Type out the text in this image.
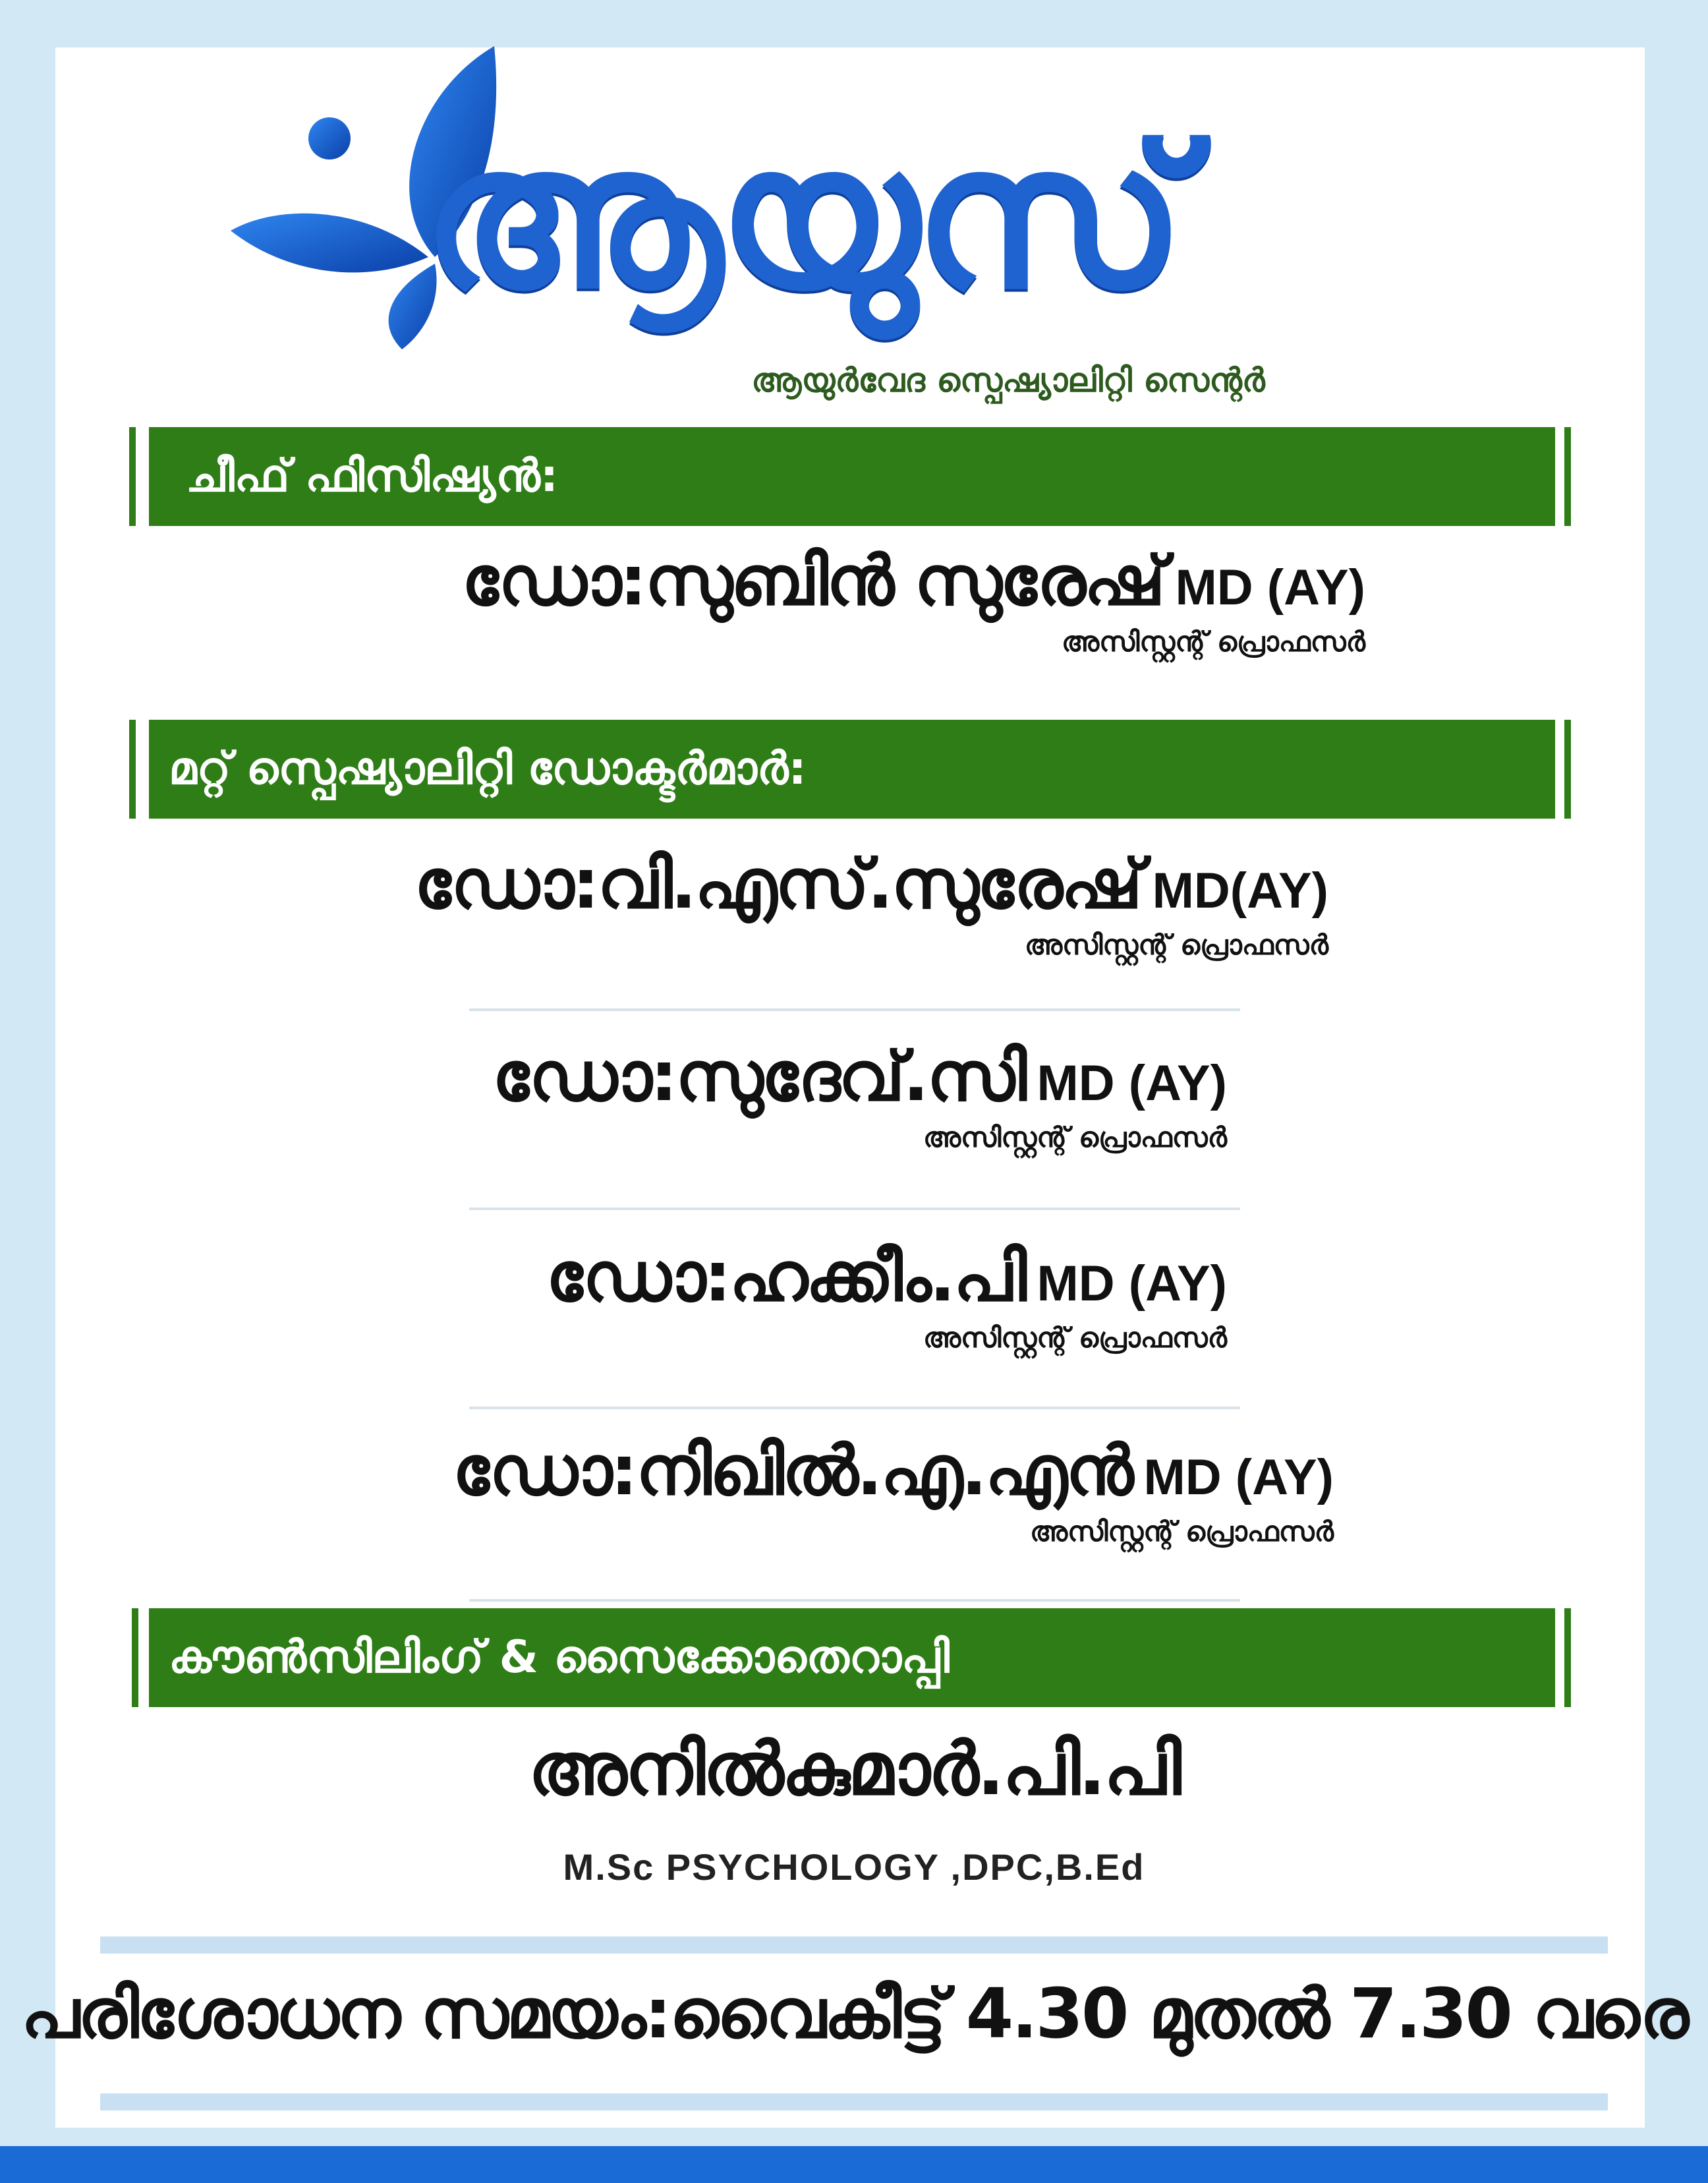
ആയുസ്
ആയുർവേദ സ്പെഷ്യാലിറ്റി സെന്റർ
ചീഫ് ഫിസിഷ്യൻ:
ഡോ:സുബിൻ സുരേഷ് MD (AY)
അസിസ്റ്റന്റ് പ്രൊഫസർ
മറ്റ് സ്പെഷ്യാലിറ്റി ഡോക്ടർമാർ:
ഡോ:വി.എസ്.സുരേഷ് MD(AY)
അസിസ്റ്റന്റ് പ്രൊഫസർ
ഡോ:സുദേവ്.സി MD (AY)
അസിസ്റ്റന്റ് പ്രൊഫസർ
ഡോ:ഹക്കീം.പി MD (AY)
അസിസ്റ്റന്റ് പ്രൊഫസർ
ഡോ:നിഖിൽ.എ.എൻ MD (AY)
അസിസ്റ്റന്റ് പ്രൊഫസർ
കൗൺസിലിംഗ് & സൈക്കോതെറാപ്പി
അനിൽകുമാർ.പി.പി
M.Sc PSYCHOLOGY ,DPC,B.Ed
പരിശോധന സമയം:വൈകീട്ട് 4.30 മുതൽ 7.30 വരെ
